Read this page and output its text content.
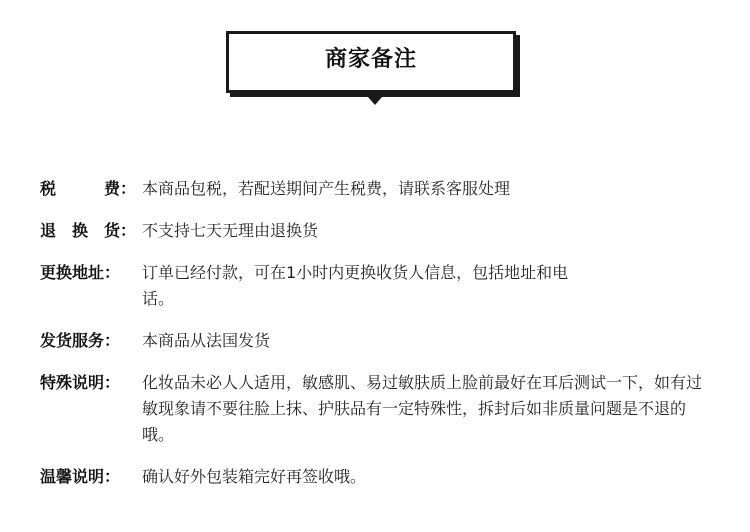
商家备注
税	费： 本商品包税，若配送期间产生税费，请联系客服处理
退 换 货： 不支持七天无理由退换货
更换地址：	订单已经付款，可在1小时内更换收货人信息，包括地址和电话。
发货服务：	本商品从法国发货
特殊说明：	化妆品未必人人适用，敏感肌、易过敏肤质上脸前最好在耳后测试一下，如有过敏现象请不要往脸上抹、护肤品有一定特殊性，拆封后如非质量问题是不退的哦。
温馨说明：	确认好外包装箱完好再签收哦。
